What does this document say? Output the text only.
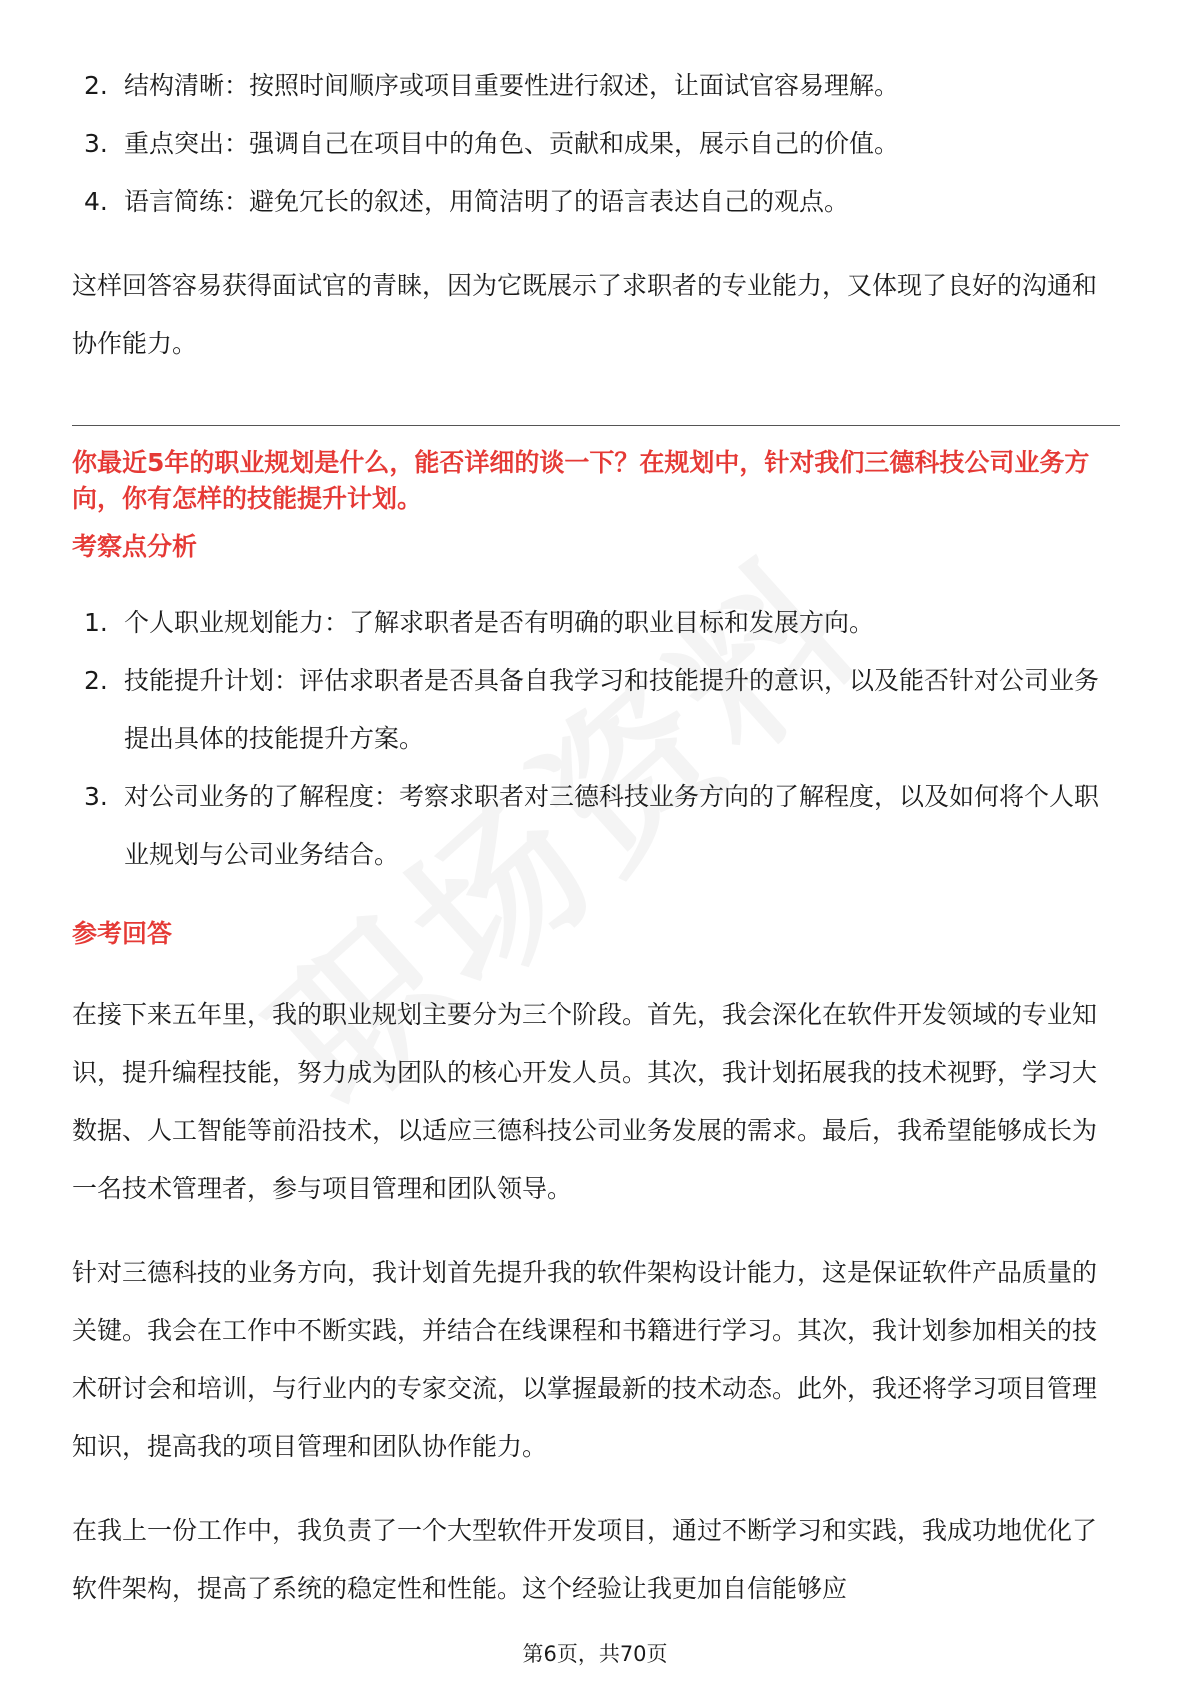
2. 结构清晰：按照时间顺序或项目重要性进行叙述，让面试官容易理解。
3. 重点突出：强调自己在项目中的角色、贡献和成果，展示自己的价值。
4. 语言简练：避免冗长的叙述，用简洁明了的语言表达自己的观点。

这样回答容易获得面试官的青睐，因为它既展示了求职者的专业能力，又体现了良好的沟通和协作能力。

你最近5年的职业规划是什么，能否详细的谈一下？在规划中，针对我们三德科技公司业务方向，你有怎样的技能提升计划。

考察点分析

1. 个人职业规划能力：了解求职者是否有明确的职业目标和发展方向。
2. 技能提升计划：评估求职者是否具备自我学习和技能提升的意识，以及能否针对公司业务提出具体的技能提升方案。
3. 对公司业务的了解程度：考察求职者对三德科技业务方向的了解程度，以及如何将个人职业规划与公司业务结合。

参考回答

在接下来五年里，我的职业规划主要分为三个阶段。首先，我会深化在软件开发领域的专业知识，提升编程技能，努力成为团队的核心开发人员。其次，我计划拓展我的技术视野，学习大数据、人工智能等前沿技术，以适应三德科技公司业务发展的需求。最后，我希望能够成长为一名技术管理者，参与项目管理和团队领导。

针对三德科技的业务方向，我计划首先提升我的软件架构设计能力，这是保证软件产品质量的关键。我会在工作中不断实践，并结合在线课程和书籍进行学习。其次，我计划参加相关的技术研讨会和培训，与行业内的专家交流，以掌握最新的技术动态。此外，我还将学习项目管理知识，提高我的项目管理和团队协作能力。

在我上一份工作中，我负责了一个大型软件开发项目，通过不断学习和实践，我成功地优化了软件架构，提高了系统的稳定性和性能。这个经验让我更加自信能够应

第6页，共70页
